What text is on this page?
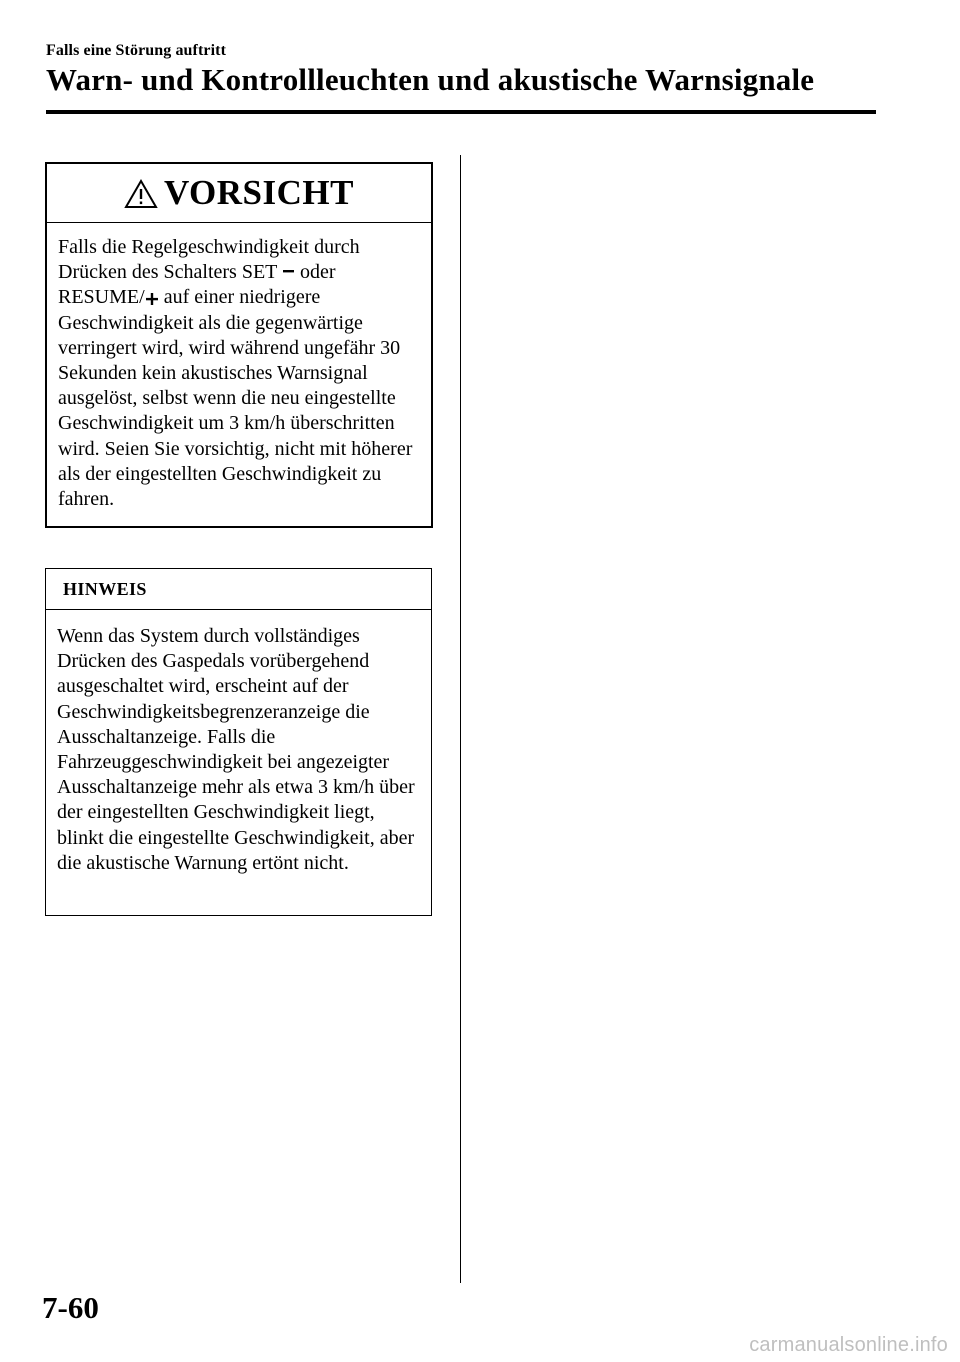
Falls eine Störung auftritt
Warn- und Kontrollleuchten und akustische Warnsignale
VORSICHT
Falls die Regelgeschwindigkeit durch Drücken des Schalters SET oder RESUME/ auf einer niedrigere Geschwindigkeit als die gegenwärtige verringert wird, wird während ungefähr 30 Sekunden kein akustisches Warnsignal ausgelöst, selbst wenn die neu eingestellte Geschwindigkeit um 3 km/h überschritten wird. Seien Sie vorsichtig, nicht mit höherer als der eingestellten Geschwindigkeit zu fahren.
HINWEIS
Wenn das System durch vollständiges Drücken des Gaspedals vorübergehend ausgeschaltet wird, erscheint auf der Geschwindigkeitsbegrenzeranzeige die Ausschaltanzeige. Falls die Fahrzeuggeschwindigkeit bei angezeigter Ausschaltanzeige mehr als etwa 3 km/h über der eingestellten Geschwindigkeit liegt, blinkt die eingestellte Geschwindigkeit, aber die akustische Warnung ertönt nicht.
7-60
carmanualsonline.info
